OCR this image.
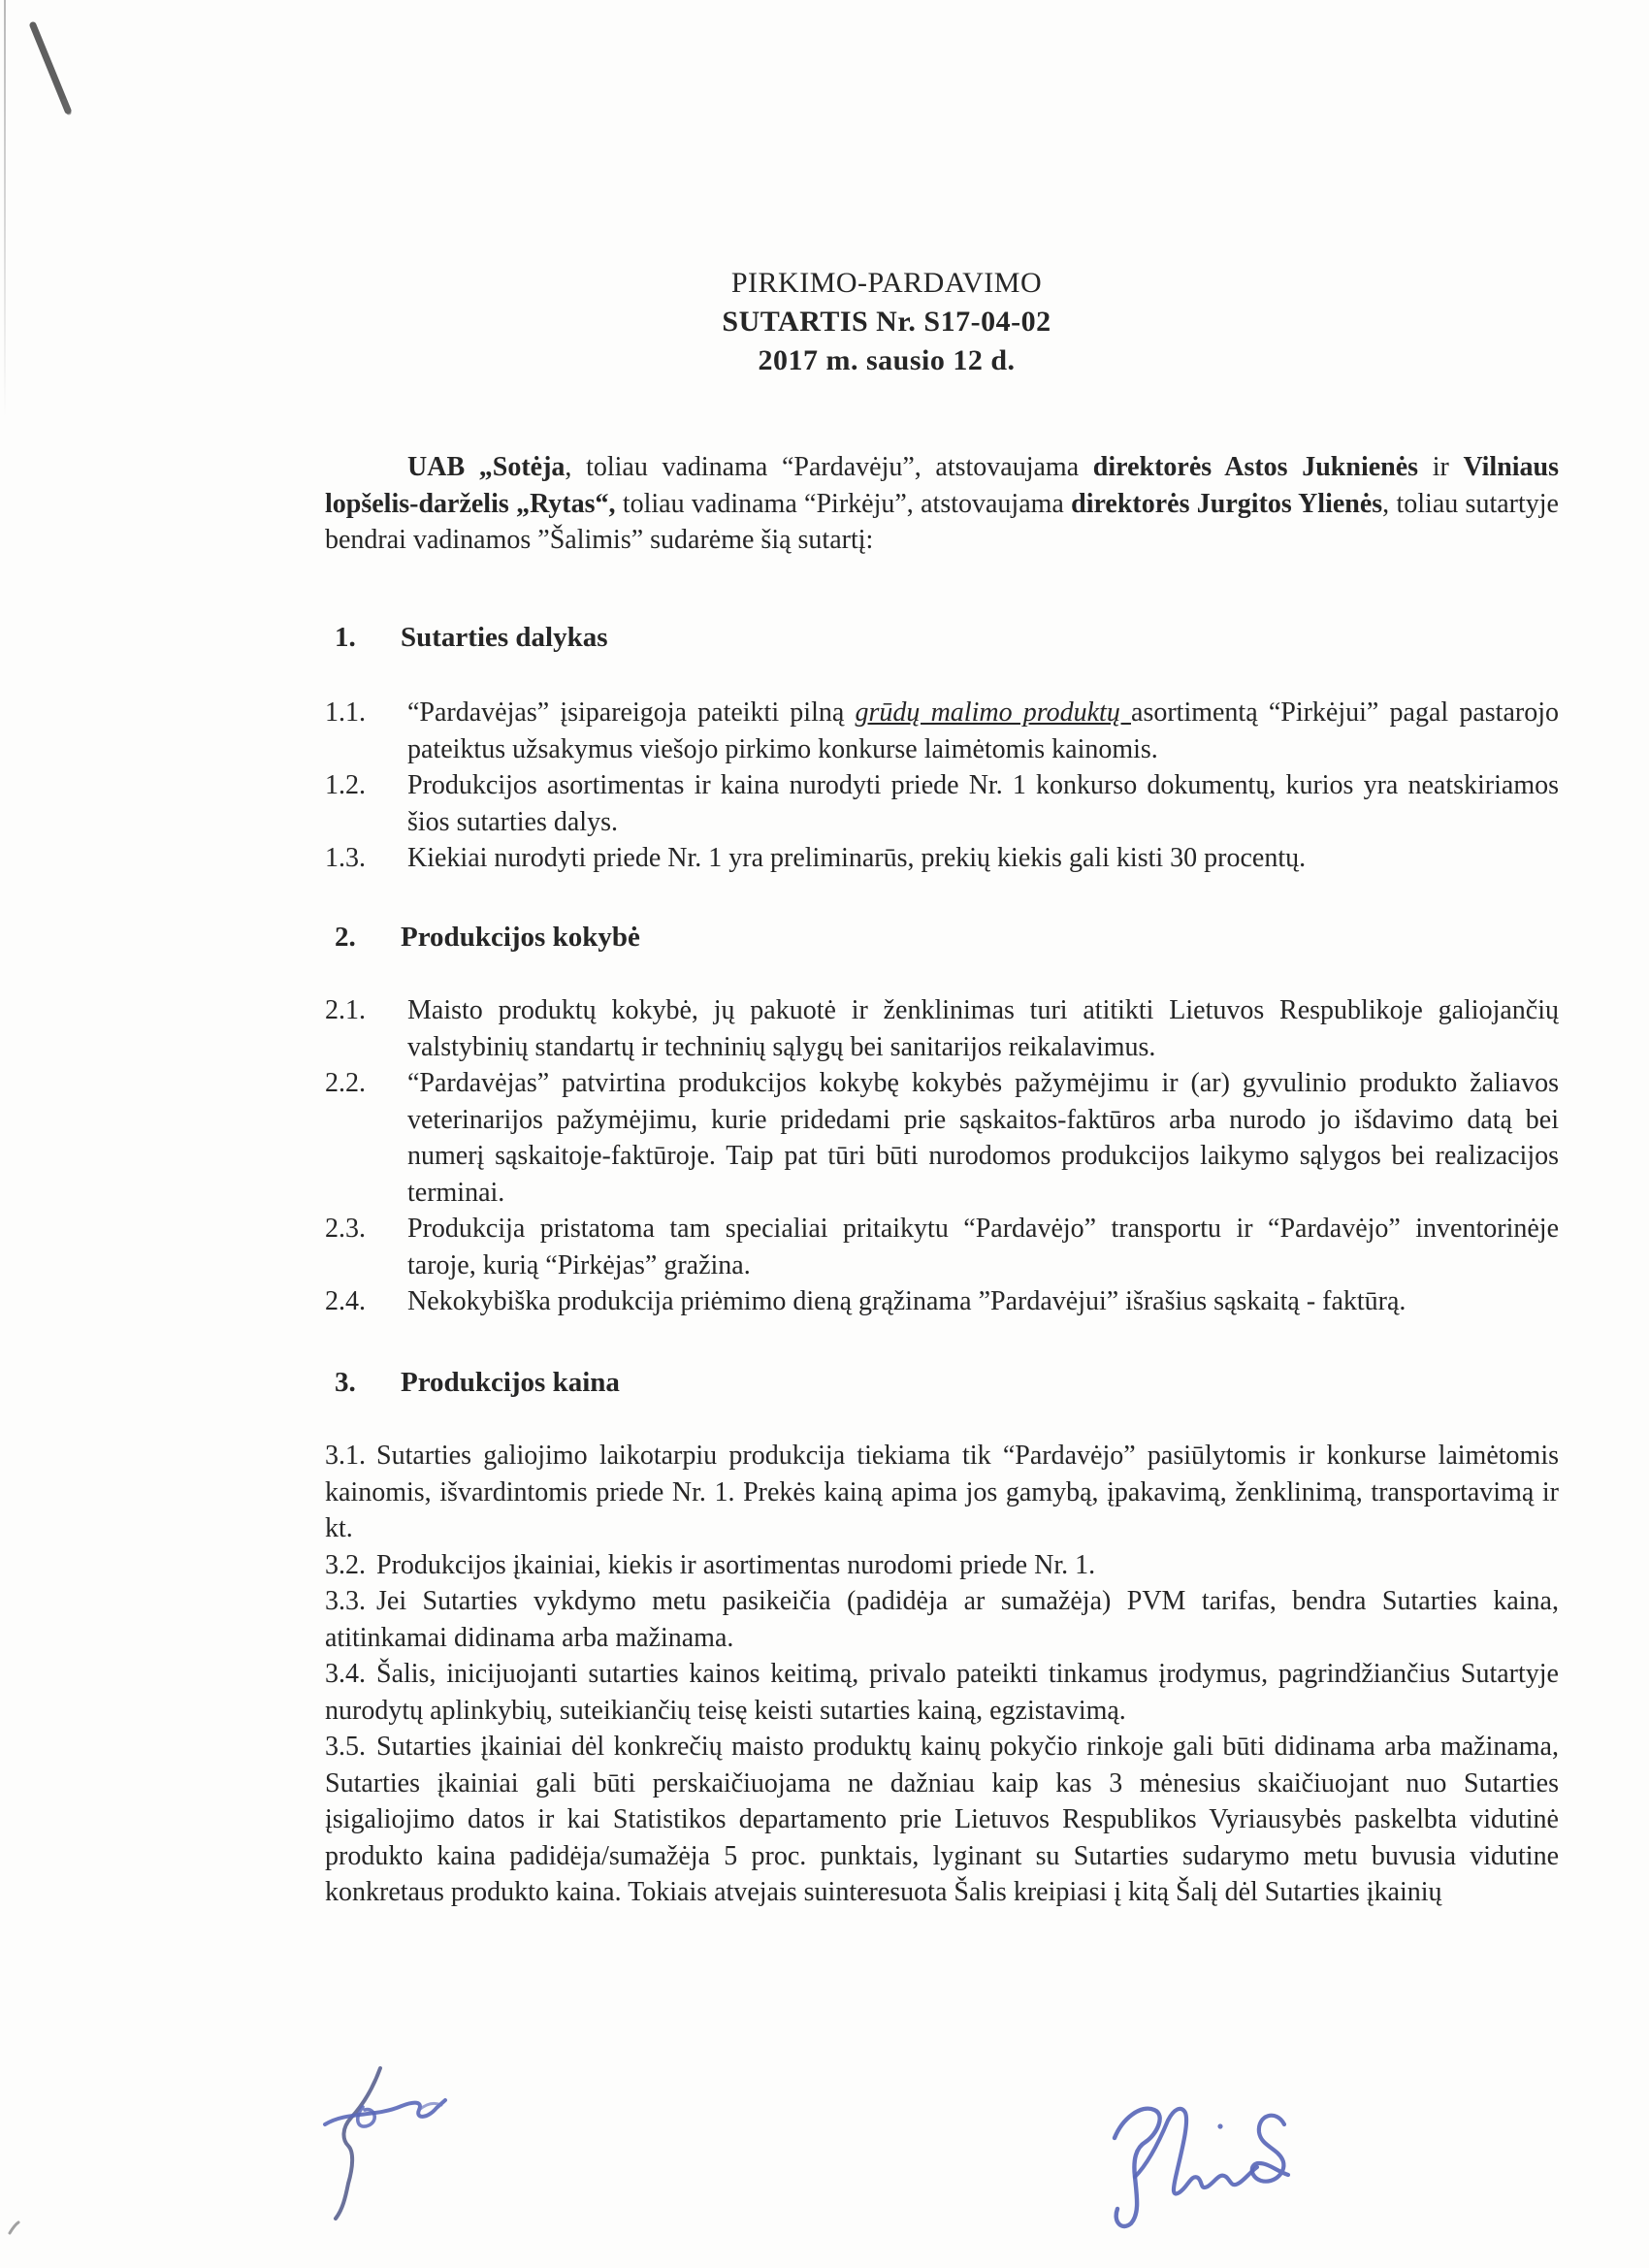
PIRKIMO-PARDAVIMO
SUTARTIS Nr. S17-04-02
2017 m. sausio 12 d.

UAB „Sotėja, toliau vadinama “Pardavėju”, atstovaujama direktorės Astos Juknienės ir Vilniaus lopšelis-darželis „Rytas“, toliau vadinama “Pirkėju”, atstovaujama direktorės Jurgitos Ylienės, toliau sutartyje bendrai vadinamos ”Šalimis” sudarėme šią sutartį:

1. Sutarties dalykas
1.1. “Pardavėjas” įsipareigoja pateikti pilną grūdų malimo produktų asortimentą “Pirkėjui” pagal pastarojo pateiktus užsakymus viešojo pirkimo konkurse laimėtomis kainomis.
1.2. Produkcijos asortimentas ir kaina nurodyti priede Nr. 1 konkurso dokumentų, kurios yra neatskiriamos šios sutarties dalys.
1.3. Kiekiai nurodyti priede Nr. 1 yra preliminarūs, prekių kiekis gali kisti 30 procentų.
2. Produkcijos kokybė
2.1. Maisto produktų kokybė, jų pakuotė ir ženklinimas turi atitikti Lietuvos Respublikoje galiojančių valstybinių standartų ir techninių sąlygų bei sanitarijos reikalavimus.
2.2. “Pardavėjas” patvirtina produkcijos kokybę kokybės pažymėjimu ir (ar) gyvulinio produkto žaliavos veterinarijos pažymėjimu, kurie pridedami prie sąskaitos-faktūros arba nurodo jo išdavimo datą bei numerį sąskaitoje-faktūroje. Taip pat tūri būti nurodomos produkcijos laikymo sąlygos bei realizacijos terminai.
2.3. Produkcija pristatoma tam specialiai pritaikytu “Pardavėjo” transportu ir “Pardavėjo” inventorinėje taroje, kurią “Pirkėjas” gražina.
2.4. Nekokybiška produkcija priėmimo dieną grąžinama ”Pardavėjui” išrašius sąskaitą - faktūrą.
3. Produkcijos kaina
3.1. Sutarties galiojimo laikotarpiu produkcija tiekiama tik “Pardavėjo” pasiūlytomis ir konkurse laimėtomis kainomis, išvardintomis priede Nr. 1. Prekės kainą apima jos gamybą, įpakavimą, ženklinimą, transportavimą ir kt.
3.2. Produkcijos įkainiai, kiekis ir asortimentas nurodomi priede Nr. 1.
3.3. Jei Sutarties vykdymo metu pasikeičia (padidėja ar sumažėja) PVM tarifas, bendra Sutarties kaina, atitinkamai didinama arba mažinama.
3.4. Šalis, inicijuojanti sutarties kainos keitimą, privalo pateikti tinkamus įrodymus, pagrindžiančius Sutartyje nurodytų aplinkybių, suteikiančių teisę keisti sutarties kainą, egzistavimą.
3.5. Sutarties įkainiai dėl konkrečių maisto produktų kainų pokyčio rinkoje gali būti didinama arba mažinama, Sutarties įkainiai gali būti perskaičiuojama ne dažniau kaip kas 3 mėnesius skaičiuojant nuo Sutarties įsigaliojimo datos ir kai Statistikos departamento prie Lietuvos Respublikos Vyriausybės paskelbta vidutinė produkto kaina padidėja/sumažėja 5 proc. punktais, lyginant su Sutarties sudarymo metu buvusia vidutine konkretaus produkto kaina. Tokiais atvejais suinteresuota Šalis kreipiasi į kitą Šalį dėl Sutarties įkainių
